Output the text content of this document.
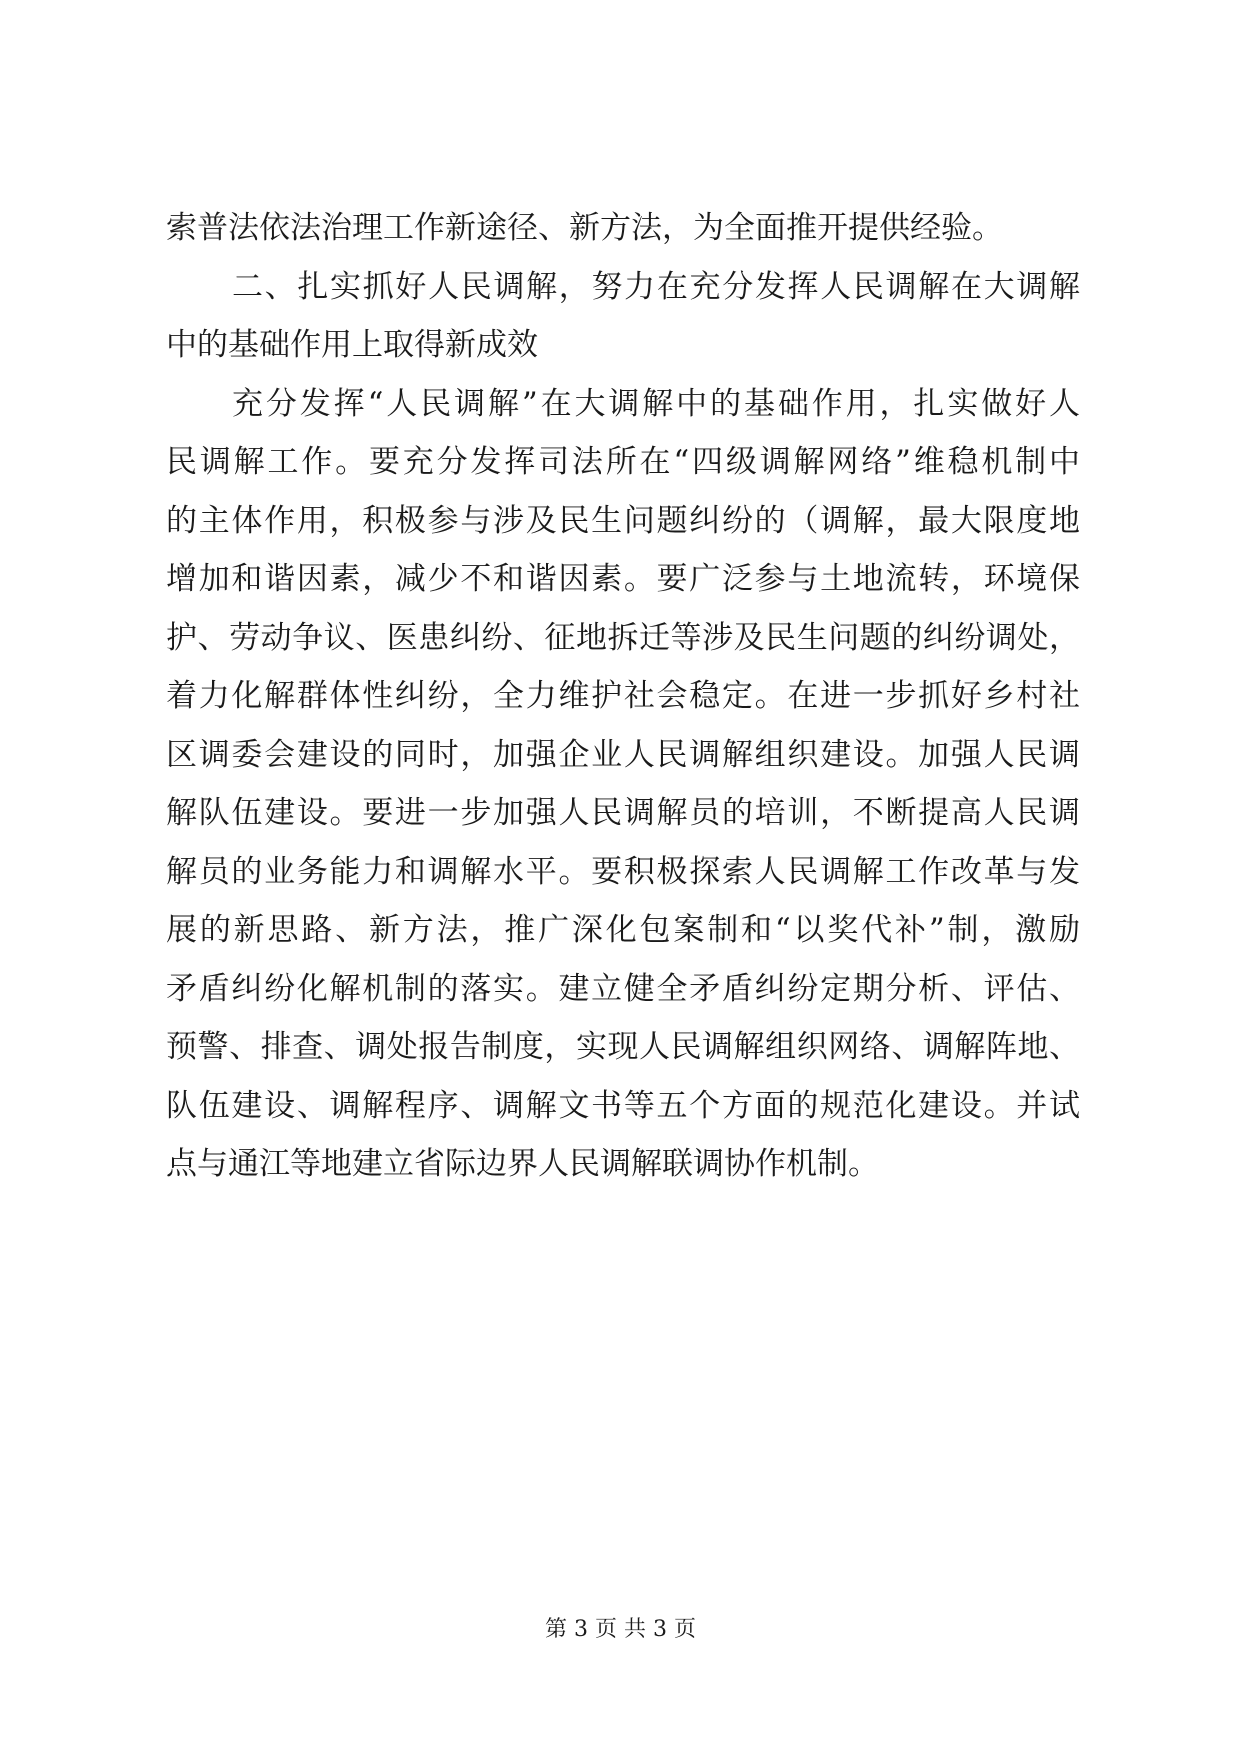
索普法依法治理工作新途径、新方法，为全面推开提供经验。
二、扎实抓好人民调解，努力在充分发挥人民调解在大调解
中的基础作用上取得新成效
充分发挥“人民调解”在大调解中的基础作用，扎实做好人
民调解工作。要充分发挥司法所在“四级调解网络”维稳机制中
的主体作用，积极参与涉及民生问题纠纷的（调解，最大限度地
增加和谐因素，减少不和谐因素。要广泛参与土地流转，环境保
护、劳动争议、医患纠纷、征地拆迁等涉及民生问题的纠纷调处，
着力化解群体性纠纷，全力维护社会稳定。在进一步抓好乡村社
区调委会建设的同时，加强企业人民调解组织建设。加强人民调
解队伍建设。要进一步加强人民调解员的培训，不断提高人民调
解员的业务能力和调解水平。要积极探索人民调解工作改革与发
展的新思路、新方法，推广深化包案制和“以奖代补”制，激励
矛盾纠纷化解机制的落实。建立健全矛盾纠纷定期分析、评估、
预警、排查、调处报告制度，实现人民调解组织网络、调解阵地、
队伍建设、调解程序、调解文书等五个方面的规范化建设。并试
点与通江等地建立省际边界人民调解联调协作机制。
第 3 页 共 3 页
